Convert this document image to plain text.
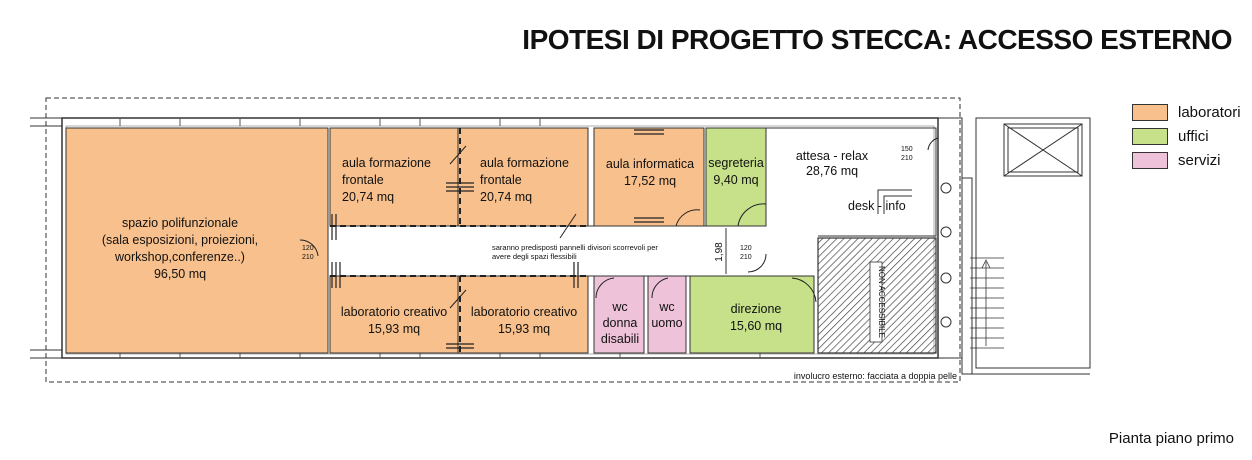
IPOTESI DI PROGETTO STECCA: ACCESSO ESTERNO
laboratori
uffici
servizi
NON ACCESSIBILE
1,98
120
210
120
210
150
210
spazio polifunzionale
(sala esposizioni, proiezioni,
workshop,conferenze..)
96,50 mq
aula formazione
frontale
20,74 mq
aula formazione
frontale
20,74 mq
aula informatica
17,52 mq
segreteria
9,40 mq
attesa - relax
28,76 mq
desk - info
laboratorio creativo
15,93 mq
laboratorio creativo
15,93 mq
wc
donna
disabili
wc
uomo
direzione
15,60 mq
saranno predisposti pannelli divisori scorrevoli per
avere degli spazi flessibili
involucro esterno: facciata a doppia pelle
Pianta piano primo
